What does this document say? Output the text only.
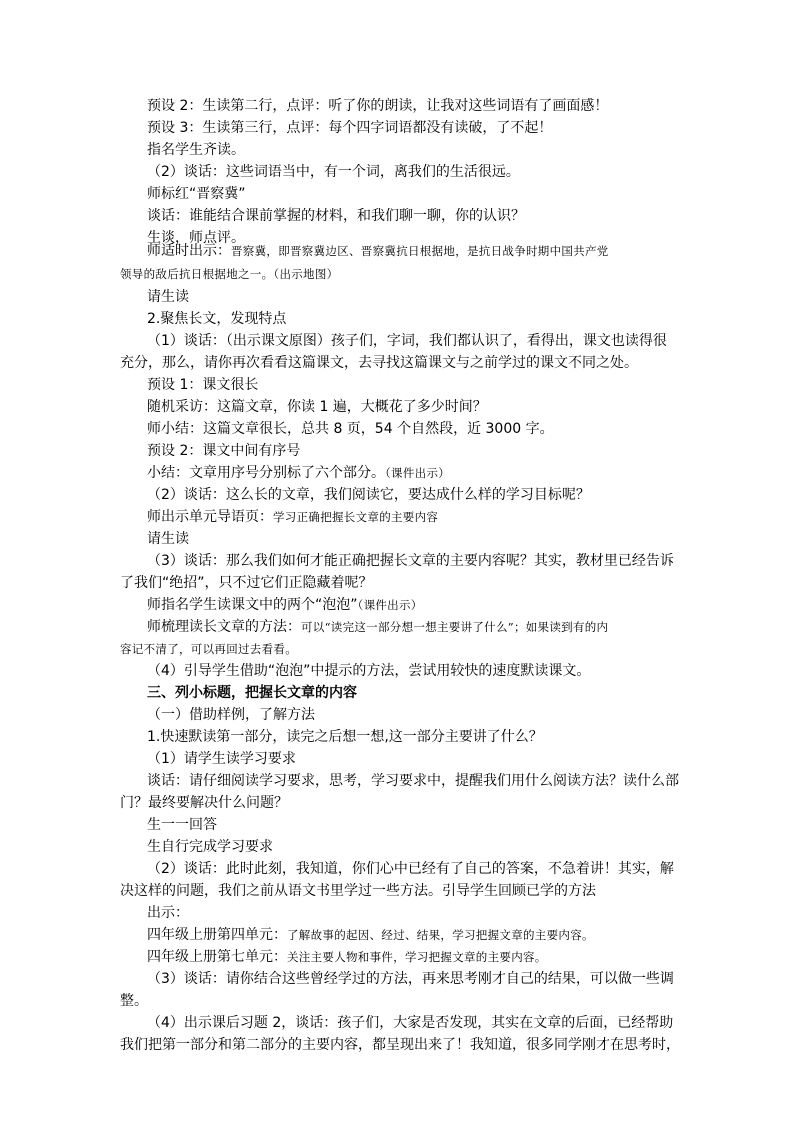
预设 2：生读第二行，点评：听了你的朗读，让我对这些词语有了画面感！
预设 3：生读第三行，点评：每个四字词语都没有读破，了不起！
指名学生齐读。
（2）谈话：这些词语当中，有一个词，离我们的生活很远。
师标红“晋察冀”
谈话：谁能结合课前掌握的材料，和我们聊一聊，你的认识？
生谈，师点评。
师适时出示：晋察冀，即晋察冀边区、晋察冀抗日根据地，是抗日战争时期中国共产党
领导的敌后抗日根据地之一。（出示地图）
请生读
2.聚焦长文，发现特点
（1）谈话：（出示课文原图）孩子们，字词，我们都认识了，看得出，课文也读得很
充分，那么，请你再次看看这篇课文，去寻找这篇课文与之前学过的课文不同之处。
预设 1：课文很长
随机采访：这篇文章，你读 1 遍，大概花了多少时间？
师小结：这篇文章很长，总共 8 页，54 个自然段，近 3000 字。
预设 2：课文中间有序号
小结：文章用序号分别标了六个部分。（课件出示）
（2）谈话：这么长的文章，我们阅读它，要达成什么样的学习目标呢？
师出示单元导语页：学习正确把握长文章的主要内容
请生读
（3）谈话：那么我们如何才能正确把握长文章的主要内容呢？其实，教材里已经告诉
了我们“绝招”，只不过它们正隐藏着呢？
师指名学生读课文中的两个“泡泡”（课件出示）
师梳理读长文章的方法：可以“读完这一部分想一想主要讲了什么”；如果读到有的内
容记不清了，可以再回过去看看。
（4）引导学生借助“泡泡”中提示的方法，尝试用较快的速度默读课文。
三、列小标题，把握长文章的内容
（一）借助样例，了解方法
1.快速默读第一部分，读完之后想一想,这一部分主要讲了什么？
（1）请学生读学习要求
谈话：请仔细阅读学习要求，思考，学习要求中，提醒我们用什么阅读方法？读什么部
门？最终要解决什么问题？
生一一回答
生自行完成学习要求
（2）谈话：此时此刻，我知道，你们心中已经有了自己的答案，不急着讲！其实，解
决这样的问题，我们之前从语文书里学过一些方法。引导学生回顾已学的方法
出示：
四年级上册第四单元：了解故事的起因、经过、结果，学习把握文章的主要内容。
四年级上册第七单元：关注主要人物和事件，学习把握文章的主要内容。
（3）谈话：请你结合这些曾经学过的方法，再来思考刚才自己的结果，可以做一些调
整。
（4）出示课后习题 2，谈话：孩子们，大家是否发现，其实在文章的后面，已经帮助
我们把第一部分和第二部分的主要内容，都呈现出来了！我知道，很多同学刚才在思考时，
